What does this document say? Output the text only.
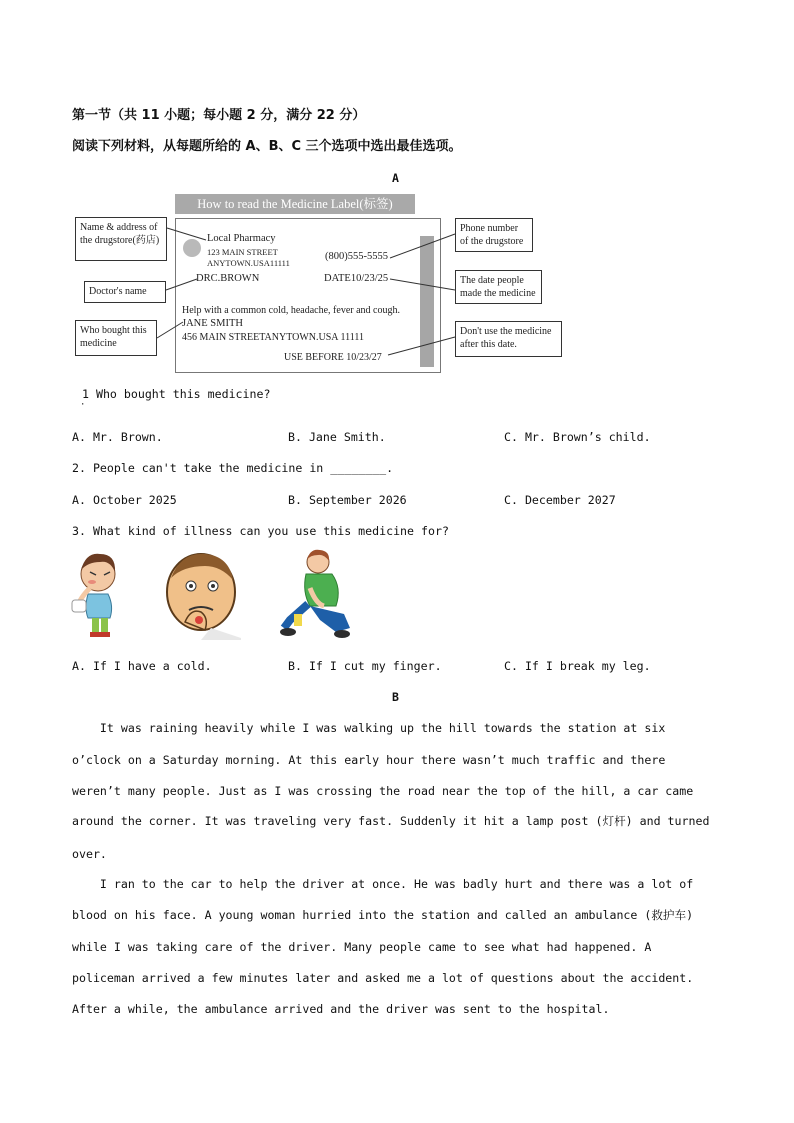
第一节（共 11 小题；每小题 2 分，满分 22 分）
阅读下列材料，从每题所给的 A、B、C 三个选项中选出最佳选项。
A
How to read the Medicine Label(标签)
Local Pharmacy
123 MAIN STREET
ANYTOWN.USA11111
(800)555-5555
DRC.BROWN	DATE10/23/25
Help with a common cold, headache, fever and cough.
JANE SMITH
456 MAIN STREETANYTOWN.USA 11111
USE BEFORE 10/23/27
Name & address of the drugstore(药店)
Doctor's name
Who bought this medicine
Phone number of the drugstore
The date people made the medicine
Don't use the medicine after this date.
1 Who bought this medicine?
·
A. Mr. Brown.	B. Jane Smith.	C. Mr. Brown’s child.
2. People can't take the medicine in ________.
A. October 2025	B. September 2026	C. December 2027
3. What kind of illness can you use this medicine for?
A. If I have a cold.	B. If I cut my finger.	C. If I break my leg.
B
It was raining heavily while I was walking up the hill towards the station at six
o’clock on a Saturday morning. At this early hour there wasn’t much traffic and there
weren’t many people. Just as I was crossing the road near the top of the hill, a car came
around the corner. It was traveling very fast. Suddenly it hit a lamp post (灯杆) and turned
over.
I ran to the car to help the driver at once. He was badly hurt and there was a lot of
blood on his face. A young woman hurried into the station and called an ambulance (救护车)
while I was taking care of the driver. Many people came to see what had happened. A
policeman arrived a few minutes later and asked me a lot of questions about the accident.
After a while, the ambulance arrived and the driver was sent to the hospital.
